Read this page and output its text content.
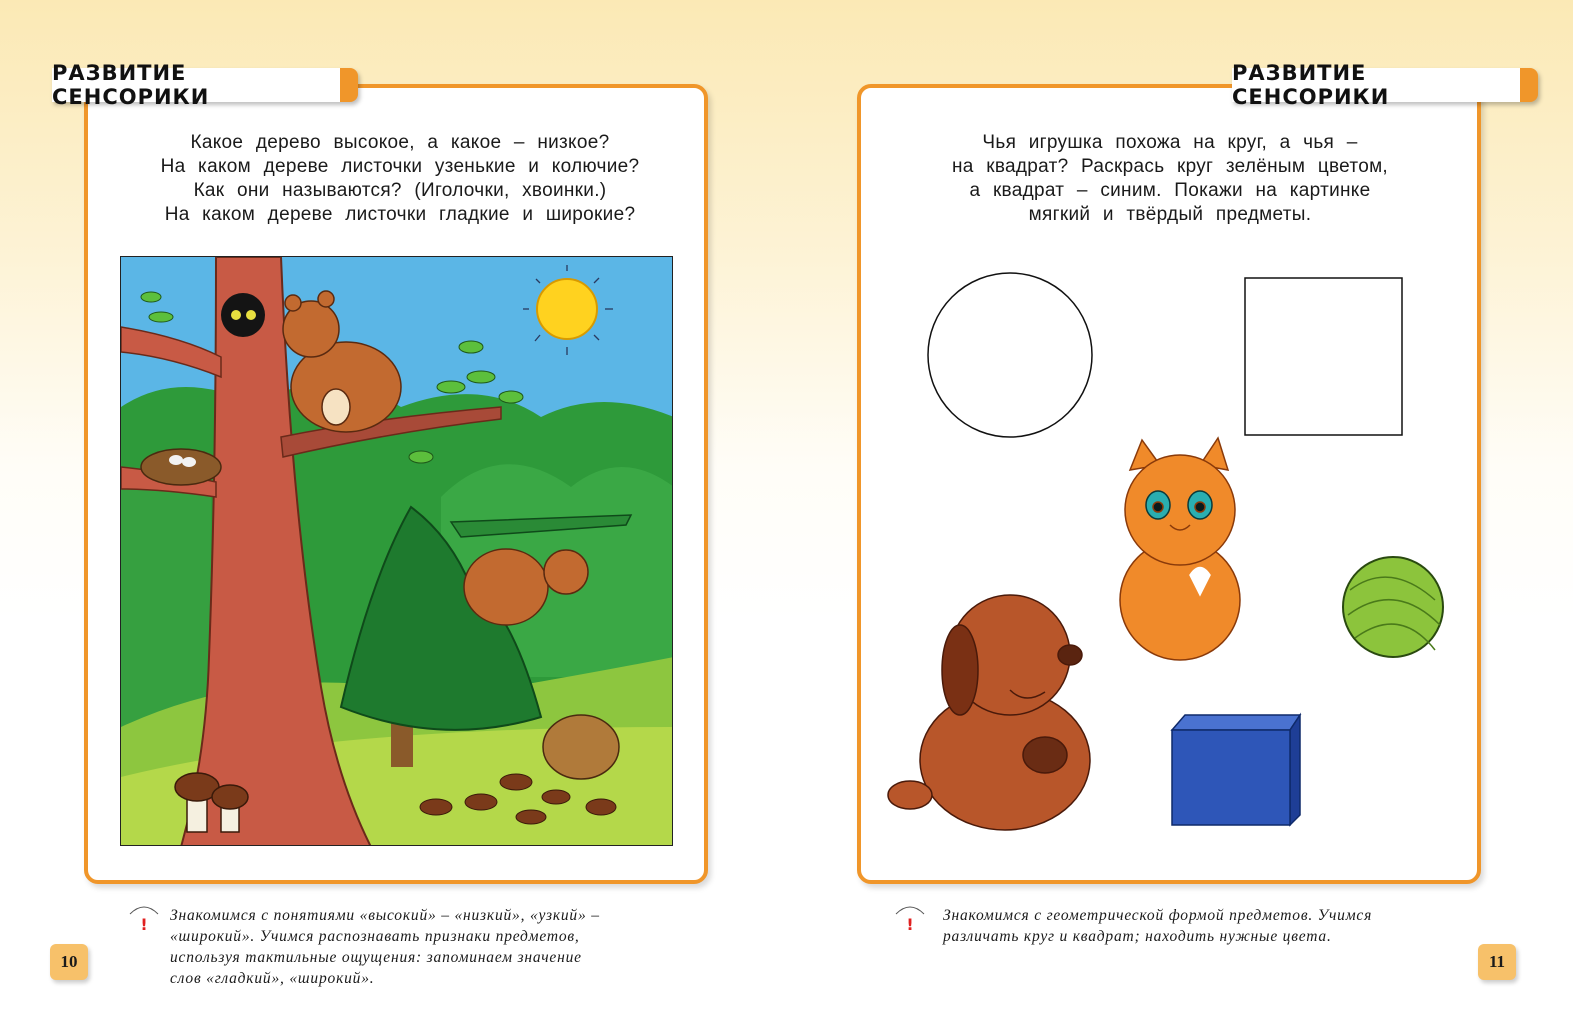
РАЗВИТИЕ СЕНСОРИКИ
Какое дерево высокое, а какое – низкое?
На каком дереве листочки узенькие и колючие?
Как они называются? (Иголочки, хвоинки.)
На каком дереве листочки гладкие и широкие?
! Знакомимся с понятиями «высокий» – «низкий», «узкий» –
«широкий». Учимся распознавать признаки предметов,
используя тактильные ощущения: запоминаем значение
слов «гладкий», «широкий».
10
РАЗВИТИЕ СЕНСОРИКИ
Чья игрушка похожа на круг, а чья –
на квадрат? Раскрась круг зелёным цветом,
а квадрат – синим. Покажи на картинке
мягкий и твёрдый предметы.
! Знакомимся с геометрической формой предметов. Учимся
различать круг и квадрат; находить нужные цвета.
11
